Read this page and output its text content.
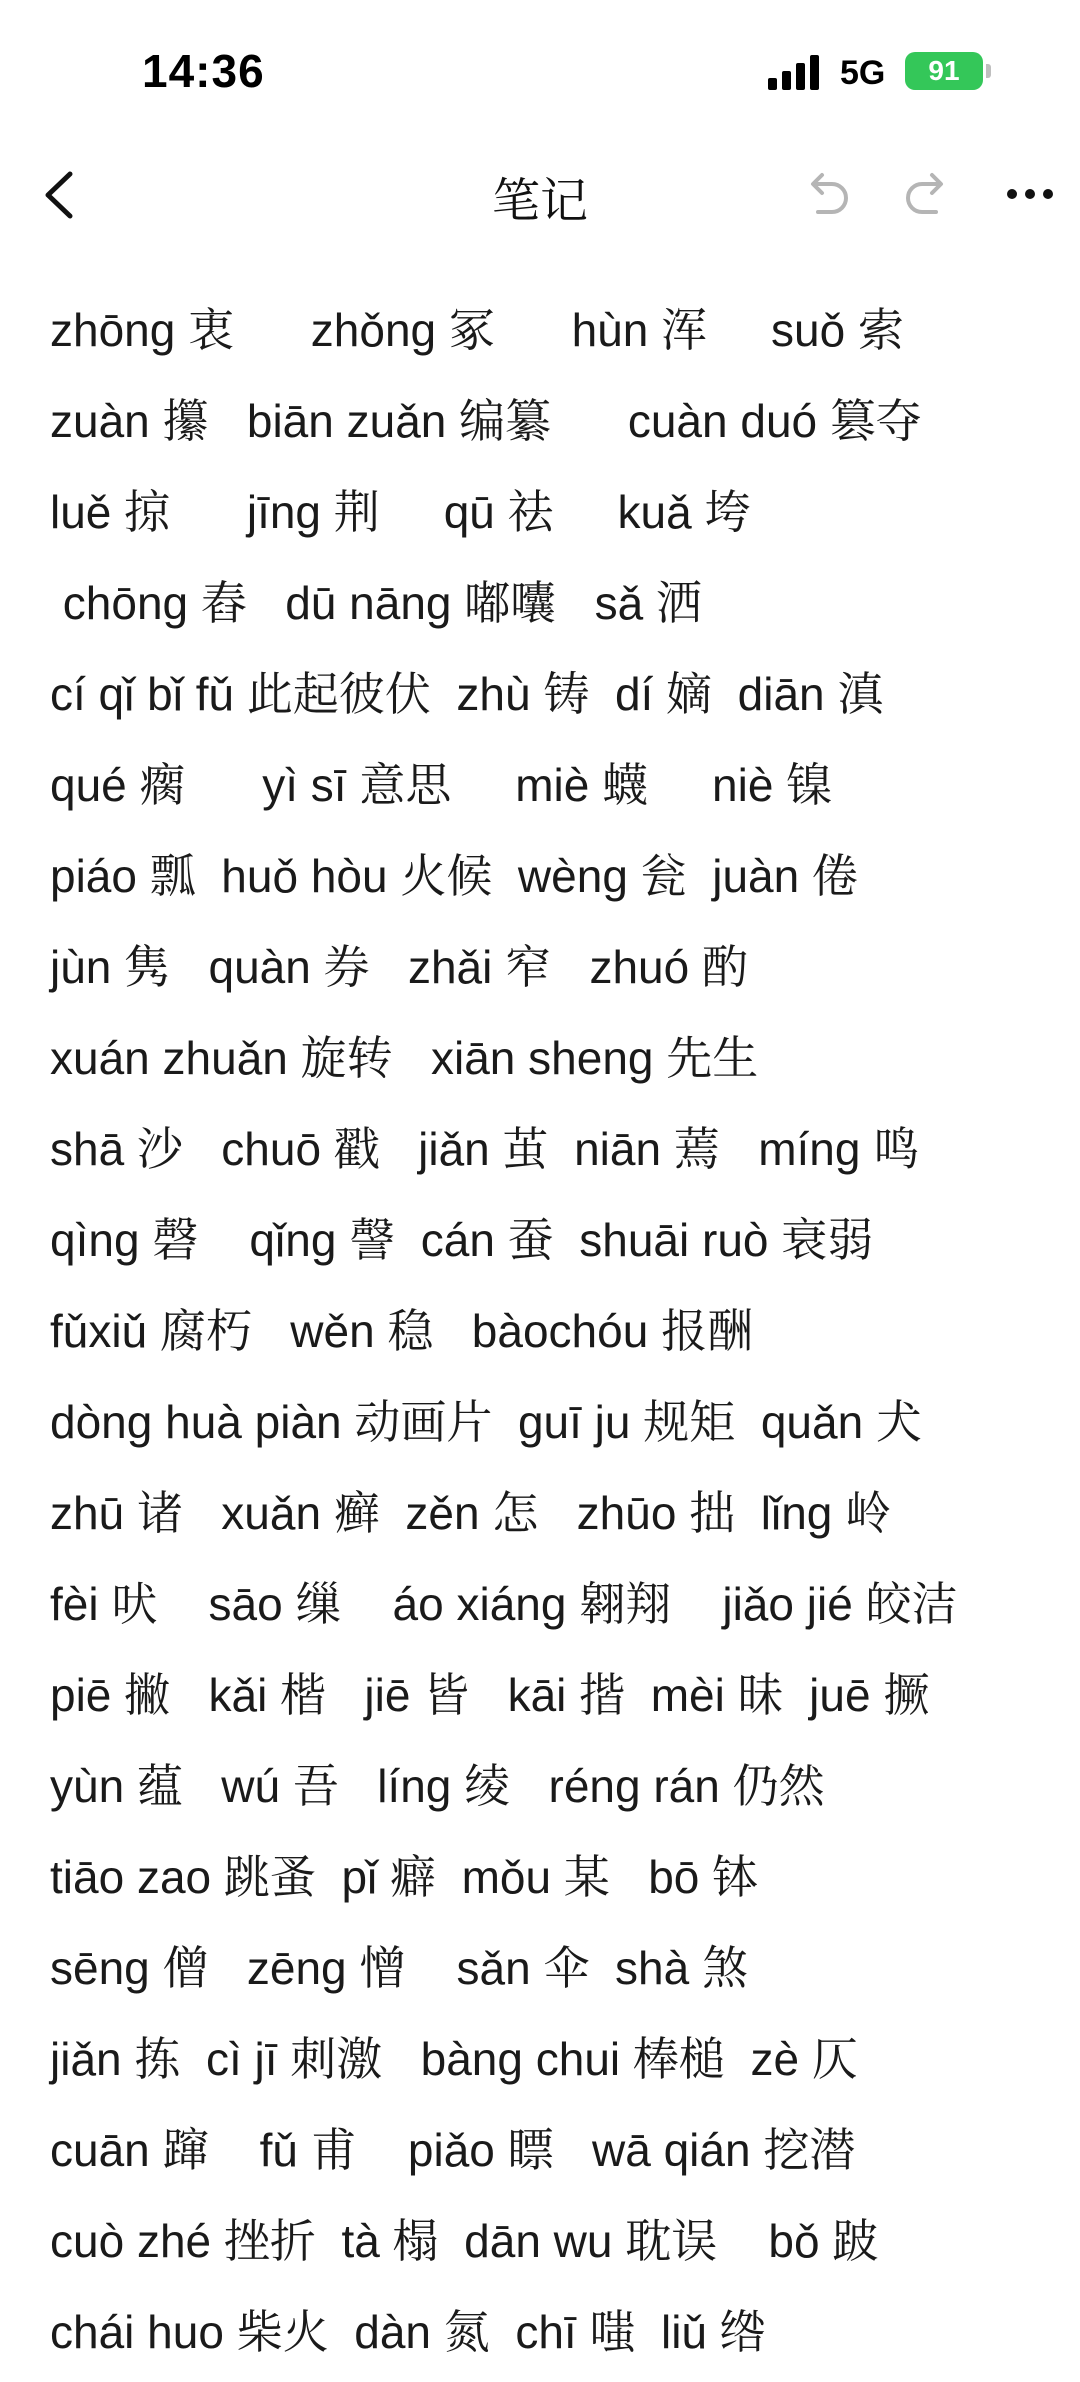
14:36	5G 91
笔记
zhōng 衷      zhǒng 冢      hùn 浑     suǒ 索
zuàn 攥   biān zuǎn 编纂      cuàn duó 篡夺
luě 掠      jīng 荆     qū 祛     kuǎ 垮
chōng 舂   dū nāng 嘟囔   sǎ 洒
cí qǐ bǐ fǔ 此起彼伏  zhù 铸  dí 嫡  diān 滇
qué 瘸      yì sī 意思     miè 蠛     niè 镍
piáo 瓢  huǒ hòu 火候  wèng 瓮  juàn 倦
jùn 隽   quàn 券   zhǎi 窄   zhuó 酌
xuán zhuǎn 旋转   xiān sheng 先生
shā 沙   chuō 戳   jiǎn 茧  niān 蔫   míng 鸣
qìng 磬    qǐng 謦  cán 蚕  shuāi ruò 衰弱
fǔxiǔ 腐朽   wěn 稳   bàochóu 报酬
dòng huà piàn 动画片  guī ju 规矩  quǎn 犬
zhū 诸   xuǎn 癣  zěn 怎   zhūo 拙  lǐng 岭
fèi 吠    sāo 缫    áo xiáng 翱翔    jiǎo jié 皎洁
piē 撇   kǎi 楷   jiē 皆   kāi 揩  mèi 昧  juē 撅
yùn 蕴   wú 吾   líng 绫   réng rán 仍然
tiāo zao 跳蚤  pǐ 癖  mǒu 某   bō 钵
sēng 僧   zēng 憎    sǎn 伞  shà 煞
jiǎn 拣  cì jī 刺激   bàng chui 棒槌  zè 仄
cuān 蹿    fǔ 甫    piǎo 瞟   wā qián 挖潜
cuò zhé 挫折  tà 榻  dān wu 耽误    bǒ 跛
chái huo 柴火  dàn 氮  chī 嗤  liǔ 绺
